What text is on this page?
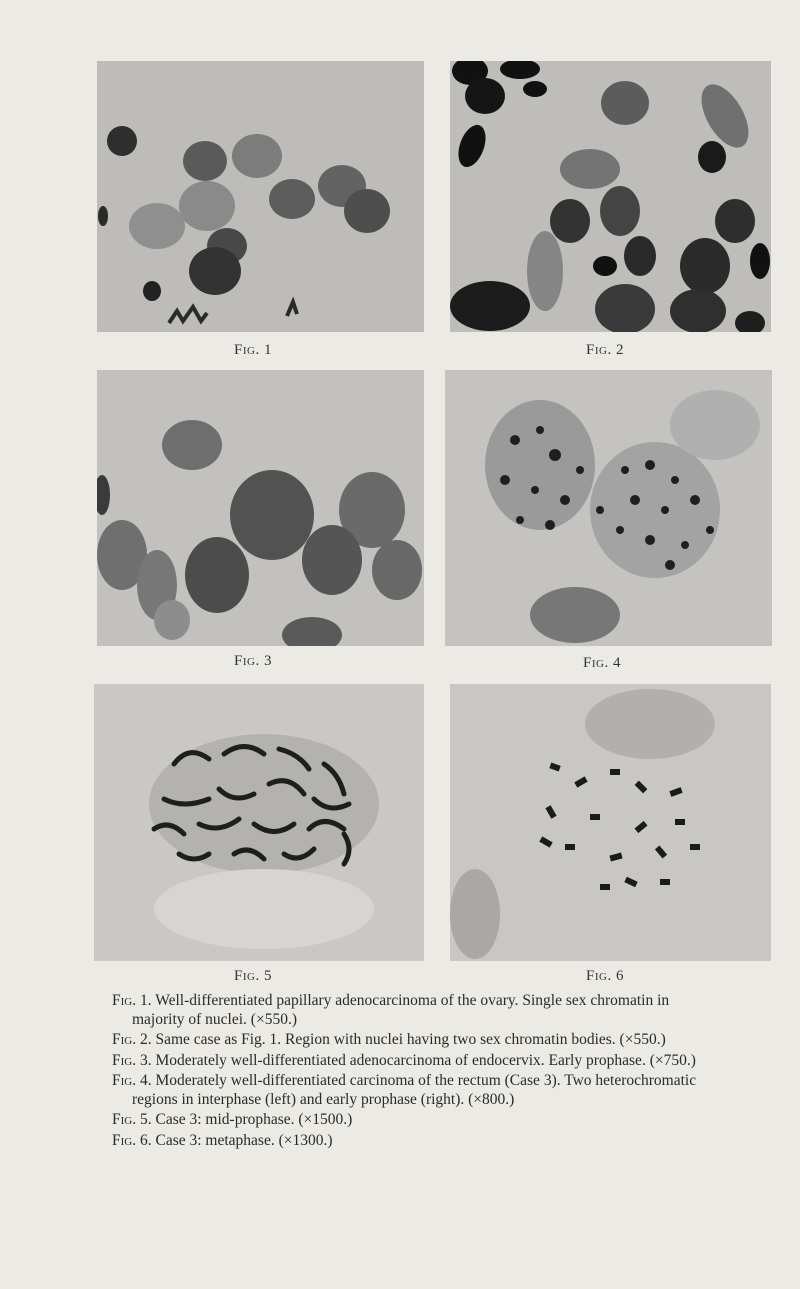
Fig. 1	Fig. 2
Fig. 3	Fig. 4
Fig. 5	Fig. 6

Fig. 1. Well-differentiated papillary adenocarcinoma of the ovary. Single sex chromatin in majority of nuclei. (×550.)

Fig. 2. Same case as Fig. 1. Region with nuclei having two sex chromatin bodies. (×550.)

Fig. 3. Moderately well-differentiated adenocarcinoma of endocervix. Early prophase. (×750.)

Fig. 4. Moderately well-differentiated carcinoma of the rectum (Case 3). Two heterochromatic regions in interphase (left) and early prophase (right). (×800.)

Fig. 5. Case 3: mid-prophase. (×1500.)

Fig. 6. Case 3: metaphase. (×1300.)
